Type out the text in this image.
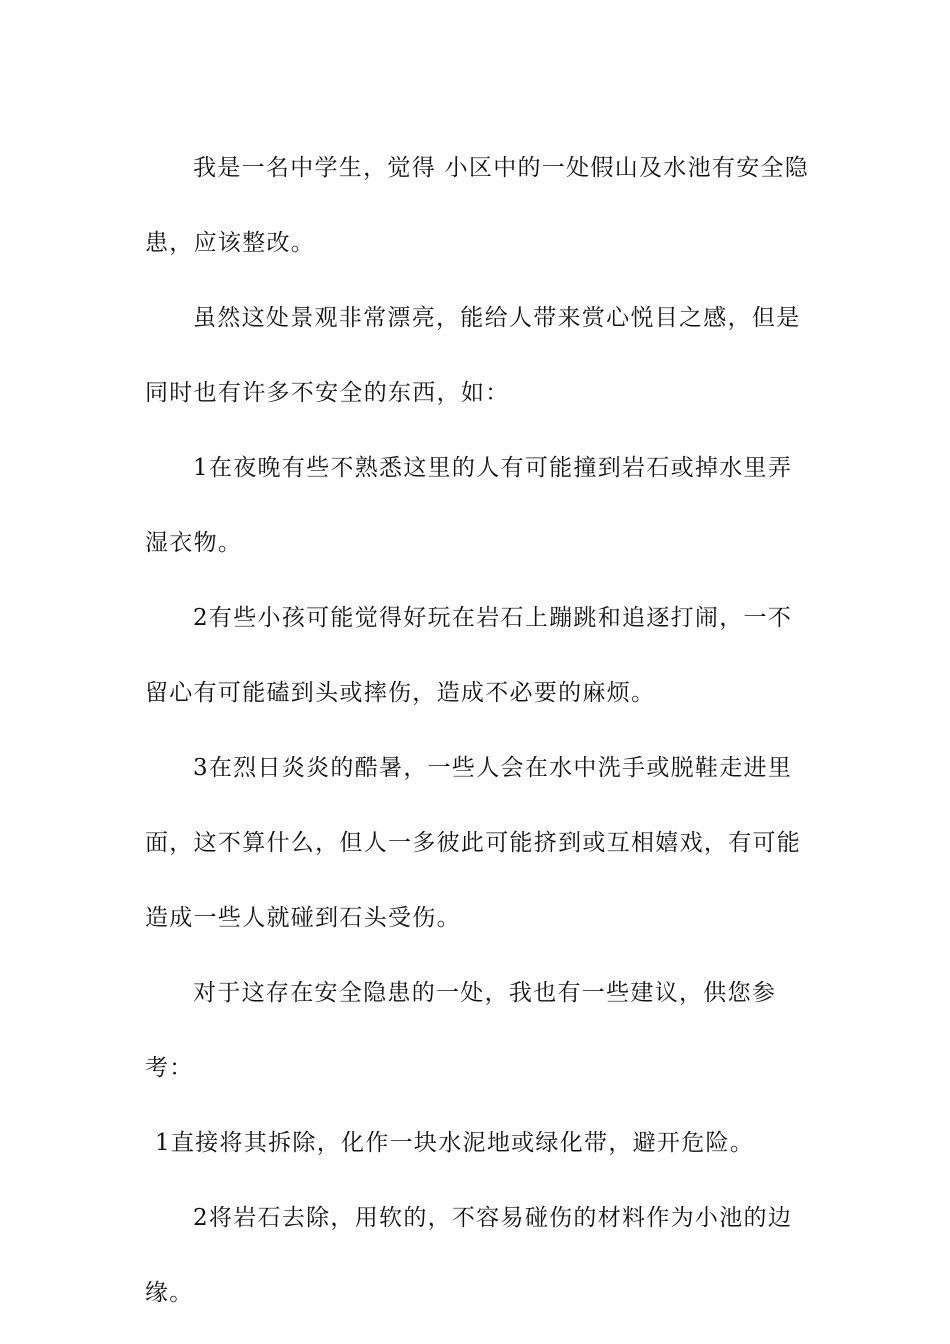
我是一名中学生，觉得 小区中的一处假山及水池有安全隐患，应该整改。

虽然这处景观非常漂亮，能给人带来赏心悦目之感，但是同时也有许多不安全的东西，如：

1在夜晚有些不熟悉这里的人有可能撞到岩石或掉水里弄湿衣物。

2有些小孩可能觉得好玩在岩石上蹦跳和追逐打闹，一不留心有可能磕到头或摔伤，造成不必要的麻烦。

3在烈日炎炎的酷暑，一些人会在水中洗手或脱鞋走进里面，这不算什么，但人一多彼此可能挤到或互相嬉戏，有可能造成一些人就碰到石头受伤。

对于这存在安全隐患的一处，我也有一些建议，供您参考：

1直接将其拆除，化作一块水泥地或绿化带，避开危险。

2将岩石去除，用软的，不容易碰伤的材料作为小池的边缘。
